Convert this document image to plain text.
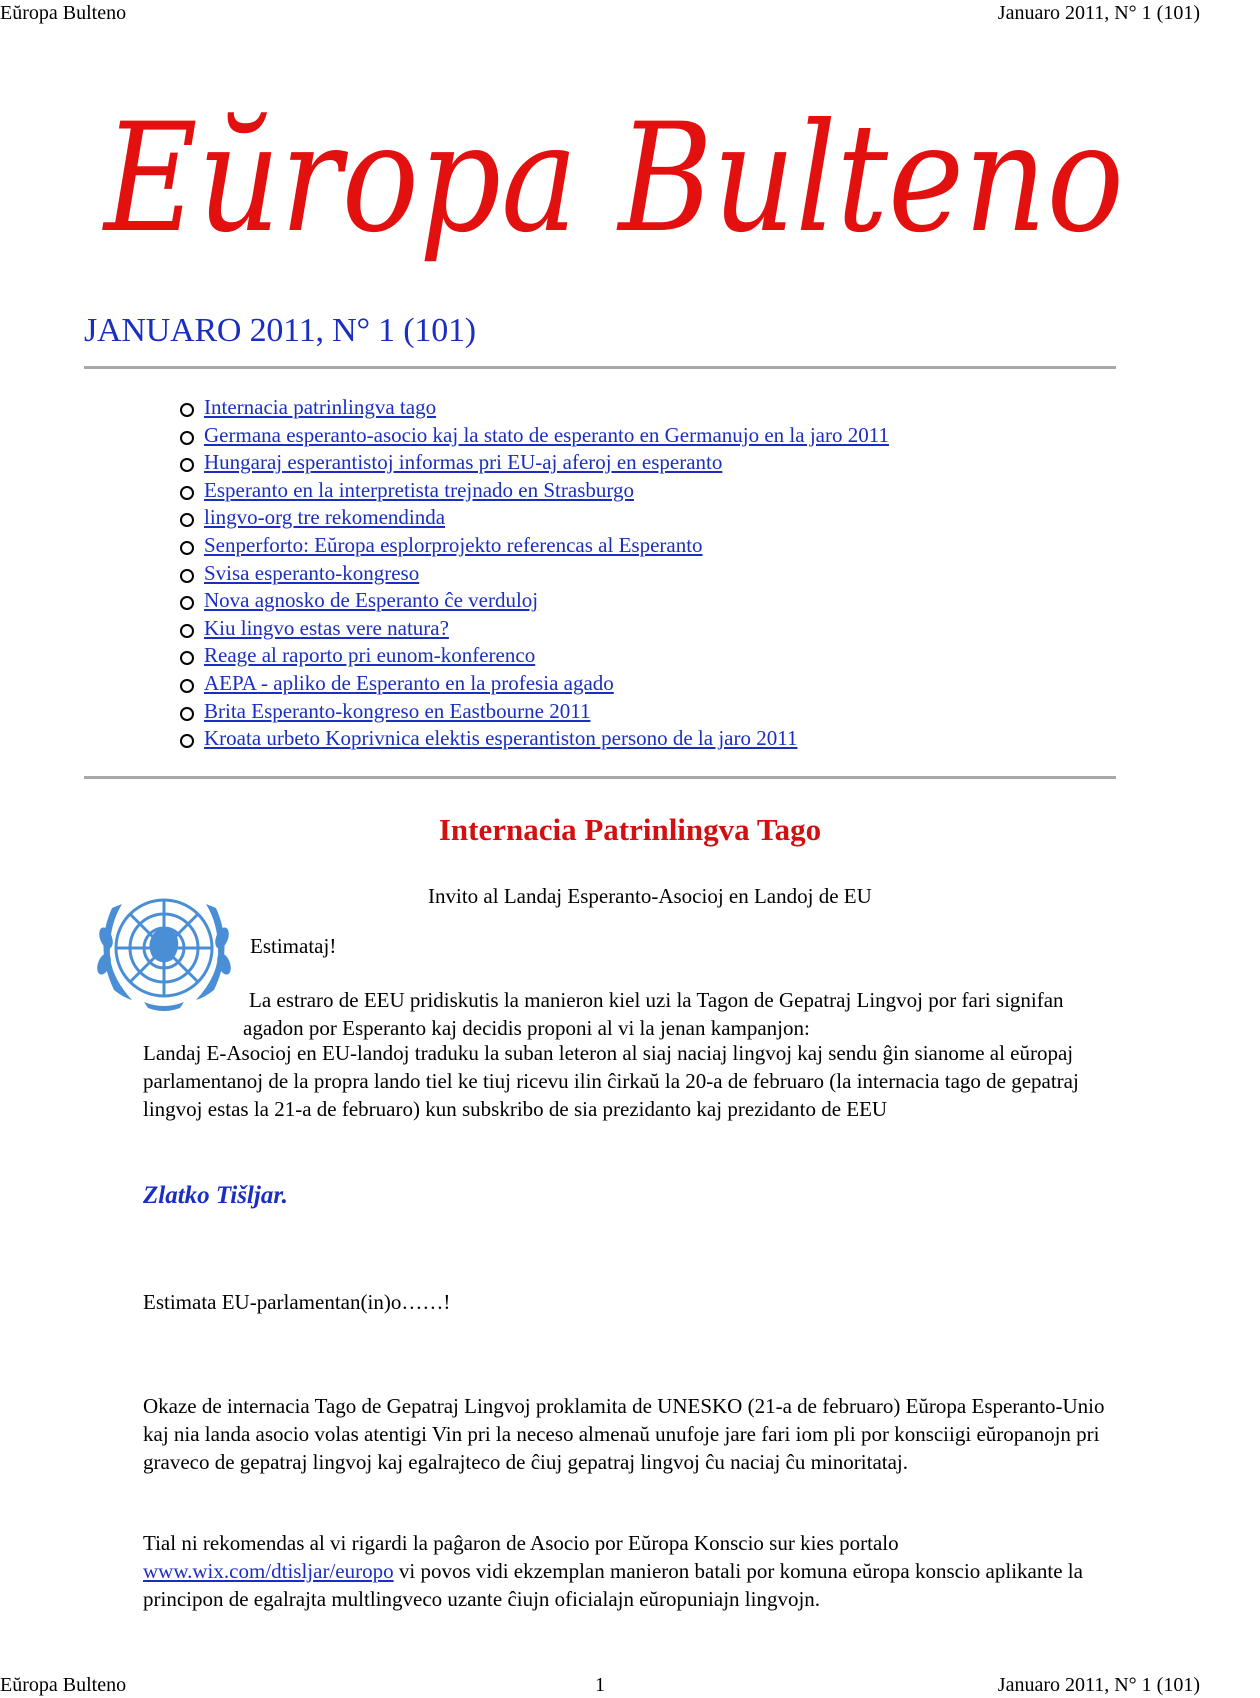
Eŭropa Bulteno	Januaro 2011, N° 1 (101)
Eŭropa Bulteno
JANUARO 2011, N° 1 (101)
Internacia patrinlingva tago
Germana esperanto-asocio kaj la stato de esperanto en Germanujo en la jaro 2011
Hungaraj esperantistoj informas pri EU-aj aferoj en esperanto
Esperanto en la interpretista trejnado en Strasburgo
lingvo-org tre rekomendinda
Senperforto: Eŭropa esplorprojekto referencas al Esperanto
Svisa esperanto-kongreso
Nova agnosko de Esperanto ĉe verduloj
Kiu lingvo estas vere natura?
Reage al raporto pri eunom-konferenco
AEPA - apliko de Esperanto en la profesia agado
Brita Esperanto-kongreso en Eastbourne 2011
Kroata urbeto Koprivnica elektis esperantiston persono de la jaro 2011
Internacia Patrinlingva Tago
Invito al Landaj Esperanto-Asocioj en Landoj de EU
Estimataj!

La estraro de EEU pridiskutis la manieron kiel uzi la Tagon de Gepatraj Lingvoj por fari signifan agadon por Esperanto kaj decidis proponi al vi la jenan kampanjon:

Landaj E-Asocioj en EU-landoj traduku la suban leteron al siaj naciaj lingvoj kaj sendu ĝin sianome al eŭropaj parlamentanoj de la propra lando tiel ke tiuj ricevu ilin ĉirkaŭ la 20-a de februaro (la internacia tago de gepatraj lingvoj estas la 21-a de februaro) kun subskribo de sia prezidanto kaj prezidanto de EEU

Zlatko Tišljar.
Estimata EU-parlamentan(in)o……!

Okaze de internacia Tago de Gepatraj Lingvoj proklamita de UNESKO (21-a de februaro) Eŭropa Esperanto-Unio kaj nia landa asocio volas atentigi Vin pri la neceso almenaŭ unufoje jare fari iom pli por konsciigi eŭropanojn pri graveco de gepatraj lingvoj kaj egalrajteco de ĉiuj gepatraj lingvoj ĉu naciaj ĉu minoritataj.

Tial ni rekomendas al vi rigardi la paĝaron de Asocio por Eŭropa Konscio sur kies portalo www.wix.com/dtisljar/europo vi povos vidi ekzemplan manieron batali por komuna eŭropa konscio aplikante la principon de egalrajta multlingveco uzante ĉiujn oficialajn eŭropuniajn lingvojn.

Eŭropa Bulteno	1	Januaro 2011, N° 1 (101)
